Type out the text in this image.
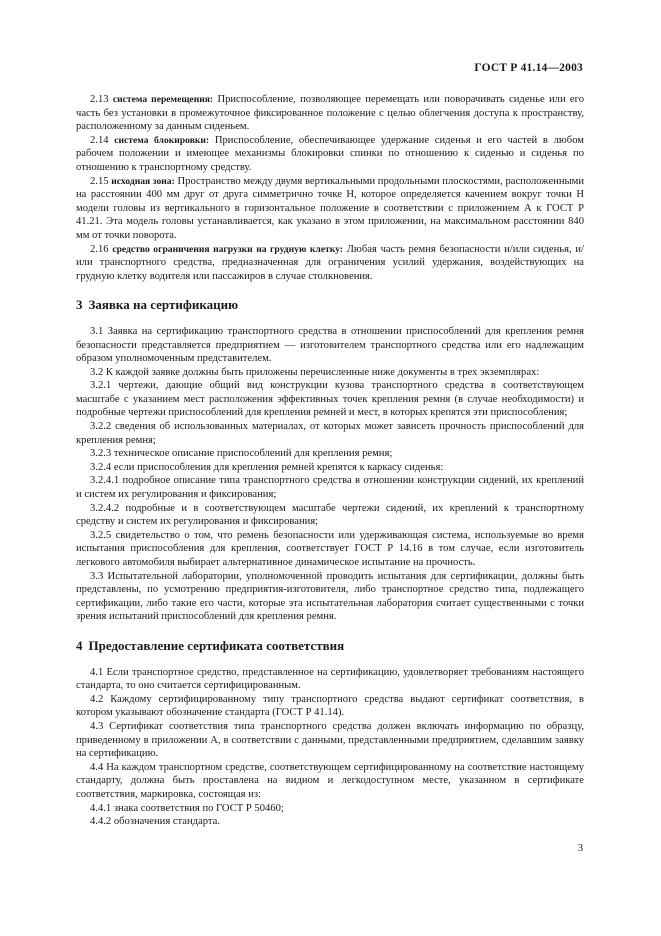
ГОСТ Р 41.14—2003

2.13 система перемещения: Приспособление, позволяющее перемещать или поворачивать сиденье или его часть без установки в промежуточное фиксированное положение с целью облегчения доступа к пространству, расположенному за данным сиденьем.

2.14 система блокировки: Приспособление, обеспечивающее удержание сиденья и его частей в любом рабочем положении и имеющее механизмы блокировки спинки по отношению к сиденью и сиденья по отношению к транспортному средству.

2.15 исходная зона: Пространство между двумя вертикальными продольными плоскостями, расположенными на расстоянии 400 мм друг от друга симметрично точке H, которое определяется качением вокруг точки H модели головы из вертикального в горизонтальное положение в соответствии с приложением А к ГОСТ Р 41.21. Эта модель головы устанавливается, как указано в этом приложении, на максимальном расстоянии 840 мм от точки поворота.

2.16 средство ограничения нагрузки на грудную клетку: Любая часть ремня безопасности и/или сиденья, и/или транспортного средства, предназначенная для ограничения усилий удержания, воздействующих на грудную клетку водителя или пассажиров в случае столкновения.

3 Заявка на сертификацию

3.1 Заявка на сертификацию транспортного средства в отношении приспособлений для крепления ремня безопасности представляется предприятием — изготовителем транспортного средства или его надлежащим образом уполномоченным представителем.

3.2 К каждой заявке должны быть приложены перечисленные ниже документы в трех экземплярах:

3.2.1 чертежи, дающие общий вид конструкции кузова транспортного средства в соответствующем масштабе с указанием мест расположения эффективных точек крепления ремня (в случае необходимости) и подробные чертежи приспособлений для крепления ремней и мест, в которых крепятся эти приспособления;

3.2.2 сведения об использованных материалах, от которых может зависеть прочность приспособлений для крепления ремня;

3.2.3 техническое описание приспособлений для крепления ремня;

3.2.4 если приспособления для крепления ремней крепятся к каркасу сиденья:

3.2.4.1 подробное описание типа транспортного средства в отношении конструкции сидений, их креплений и систем их регулирования и фиксирования;

3.2.4.2 подробные и в соответствующем масштабе чертежи сидений, их креплений к транспортному средству и систем их регулирования и фиксирования;

3.2.5 свидетельство о том, что ремень безопасности или удерживающая система, используемые во время испытания приспособления для крепления, соответствует ГОСТ Р 14.16 в том случае, если изготовитель легкового автомобиля выбирает альтернативное динамическое испытание на прочность.

3.3 Испытательной лаборатории, уполномоченной проводить испытания для сертификации, должны быть представлены, по усмотрению предприятия-изготовителя, либо транспортное средство типа, подлежащего сертификации, либо такие его части, которые эта испытательная лаборатория считает существенными с точки зрения испытаний приспособлений для крепления ремня.

4 Предоставление сертификата соответствия

4.1 Если транспортное средство, представленное на сертификацию, удовлетворяет требованиям настоящего стандарта, то оно считается сертифицированным.

4.2 Каждому сертифицированному типу транспортного средства выдают сертификат соответствия, в котором указывают обозначение стандарта (ГОСТ Р 41.14).

4.3 Сертификат соответствия типа транспортного средства должен включать информацию по образцу, приведенному в приложении А, в соответствии с данными, представленными предприятием, сделавшим заявку на сертификацию.

4.4 На каждом транспортном средстве, соответствующем сертифицированному на соответствие настоящему стандарту, должна быть проставлена на видном и легкодоступном месте, указанном в сертификате соответствия, маркировка, состоящая из:

4.4.1 знака соответствия по ГОСТ Р 50460;

4.4.2 обозначения стандарта.

3
